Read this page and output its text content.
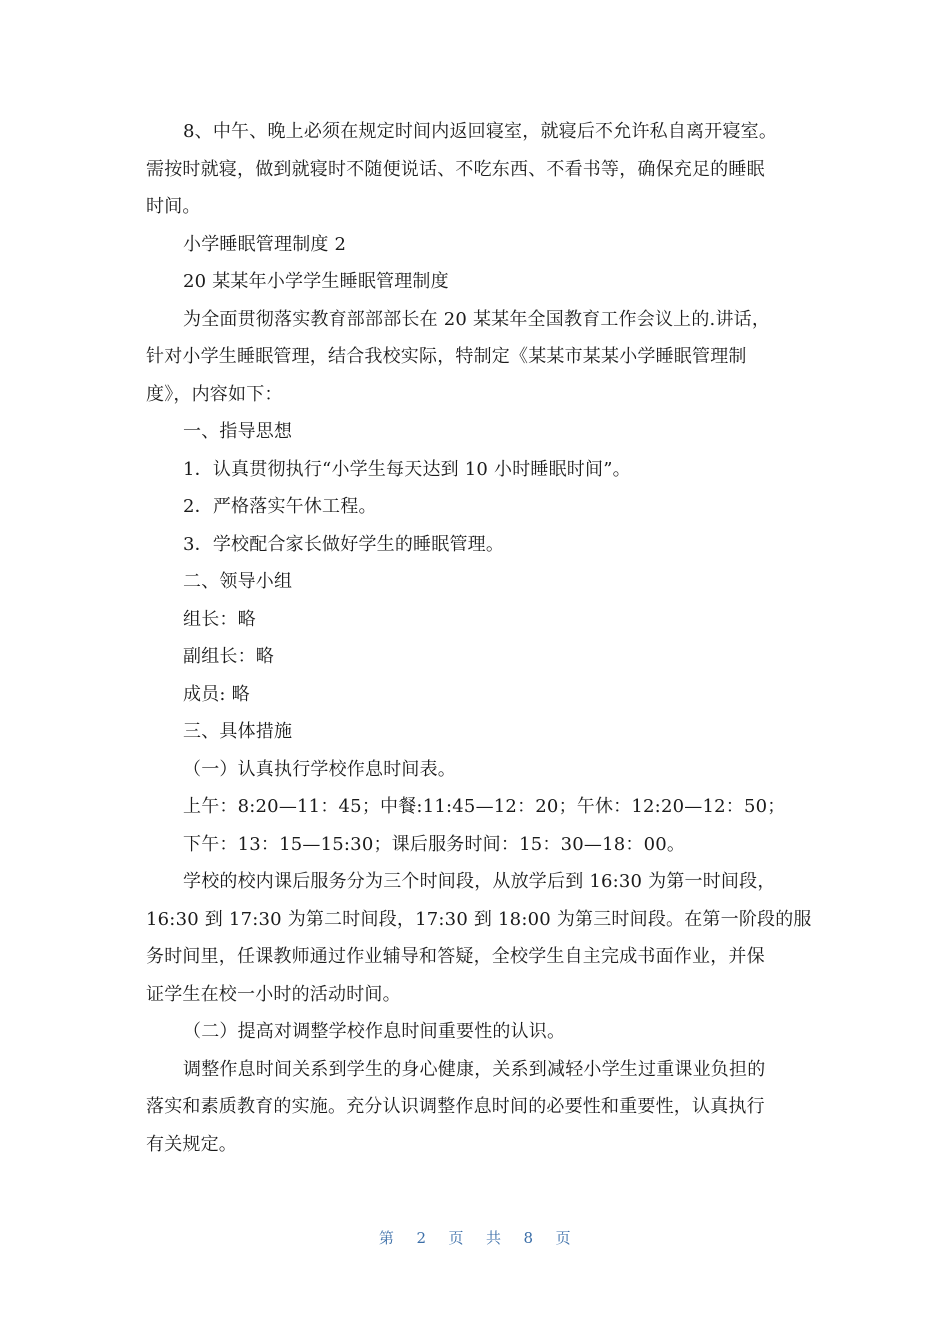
8、中午、晚上必须在规定时间内返回寝室，就寝后不允许私自离开寝室。
需按时就寝，做到就寝时不随便说话、不吃东西、不看书等，确保充足的睡眠
时间。
小学睡眠管理制度 2
20 某某年小学学生睡眠管理制度
为全面贯彻落实教育部部部长在 20 某某年全国教育工作会议上的.讲话，
针对小学生睡眠管理，结合我校实际，特制定《某某市某某小学睡眠管理制
度》，内容如下：
一、指导思想
1．认真贯彻执行“小学生每天达到 10 小时睡眠时间”。
2．严格落实午休工程。
3．学校配合家长做好学生的睡眠管理。
二、领导小组
组长：略
副组长：略
成员: 略
三、具体措施
（一）认真执行学校作息时间表。
上午：8:20—11：45；中餐:11:45—12：20；午休：12:20—12：50；
下午：13：15—15:30；课后服务时间：15：30—18：00。
学校的校内课后服务分为三个时间段，从放学后到 16:30 为第一时间段，
16:30 到 17:30 为第二时间段，17:30 到 18:00 为第三时间段。在第一阶段的服
务时间里，任课教师通过作业辅导和答疑，全校学生自主完成书面作业，并保
证学生在校一小时的活动时间。
（二）提高对调整学校作息时间重要性的认识。
调整作息时间关系到学生的身心健康，关系到减轻小学生过重课业负担的
落实和素质教育的实施。充分认识调整作息时间的必要性和重要性，认真执行
有关规定。
第 2 页 共 8 页
